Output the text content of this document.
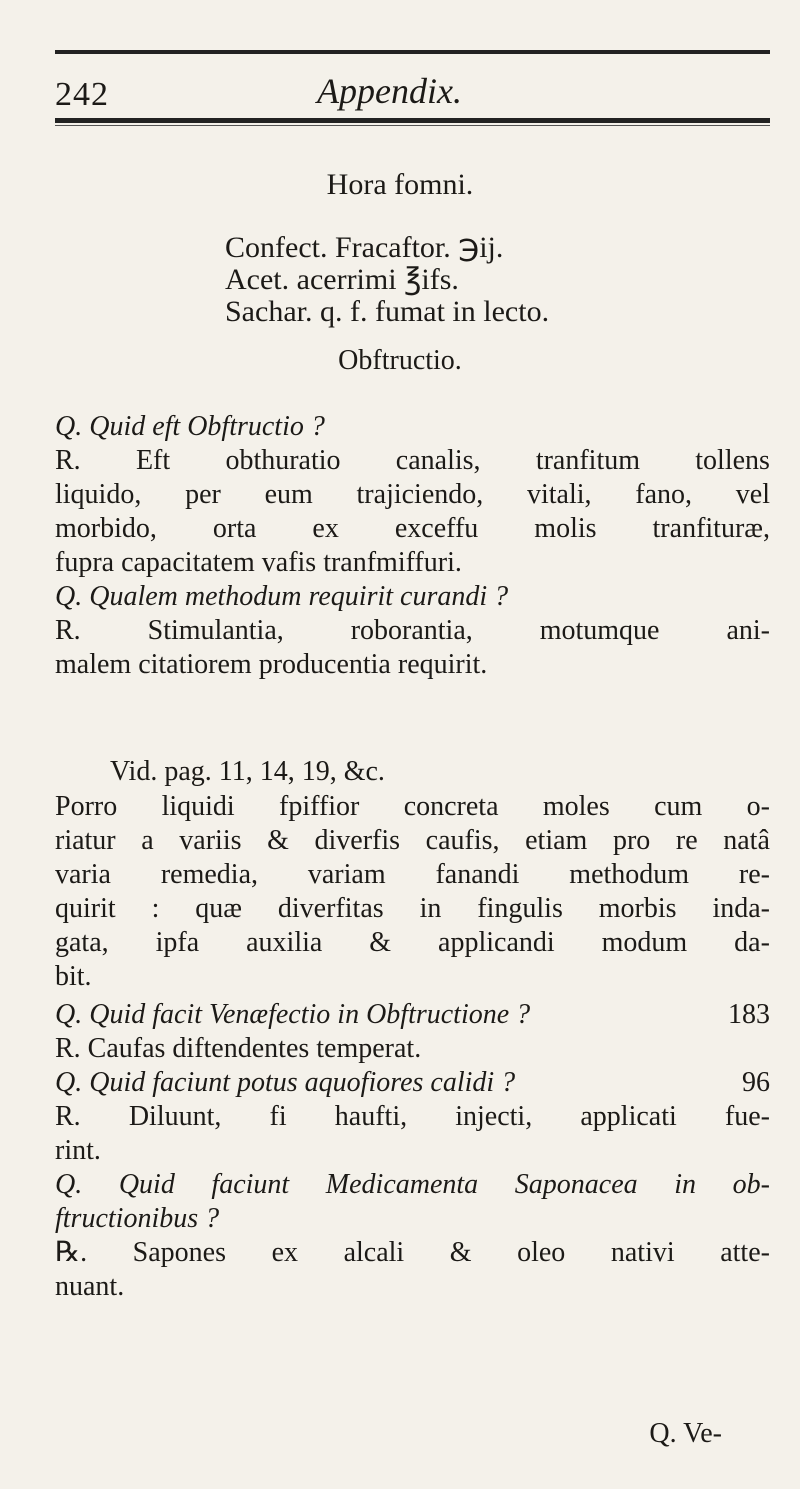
242	Appendix.
Hora fomni.
Confect. Fracaftor. ℈ij.
Acet. acerrimi ℥ifs.
Sachar. q. f. fumat in lecto.
Obftructio.
Q. Quid eft Obftructio ?
R. Eft obthuratio canalis, tranfitum tollens
liquido, per eum trajiciendo, vitali, fano, vel
morbido, orta ex exceffu molis tranfituræ,
fupra capacitatem vafis tranfmiffuri.
Q. Qualem methodum requirit curandi ?
R. Stimulantia, roborantia, motumque ani-
malem citatiorem producentia requirit.
Vid. pag. 11, 14, 19, &c.
Porro liquidi fpiffior concreta moles cum o-
riatur a variis & diverfis caufis, etiam pro re natâ
varia remedia, variam fanandi methodum re-
quirit : quæ diverfitas in fingulis morbis inda-
gata, ipfa auxilia & applicandi modum da-
bit.
Q. Quid facit Venæfectio in Obftructione ?	183
R. Caufas diftendentes temperat.
Q. Quid faciunt potus aquofiores calidi ?	96
R. Diluunt, fi haufti, injecti, applicati fue-
rint.
Q. Quid faciunt Medicamenta Saponacea in ob-
ftructionibus ?
℞. Sapones ex alcali & oleo nativi atte-
nuant.
Q. Ve-
